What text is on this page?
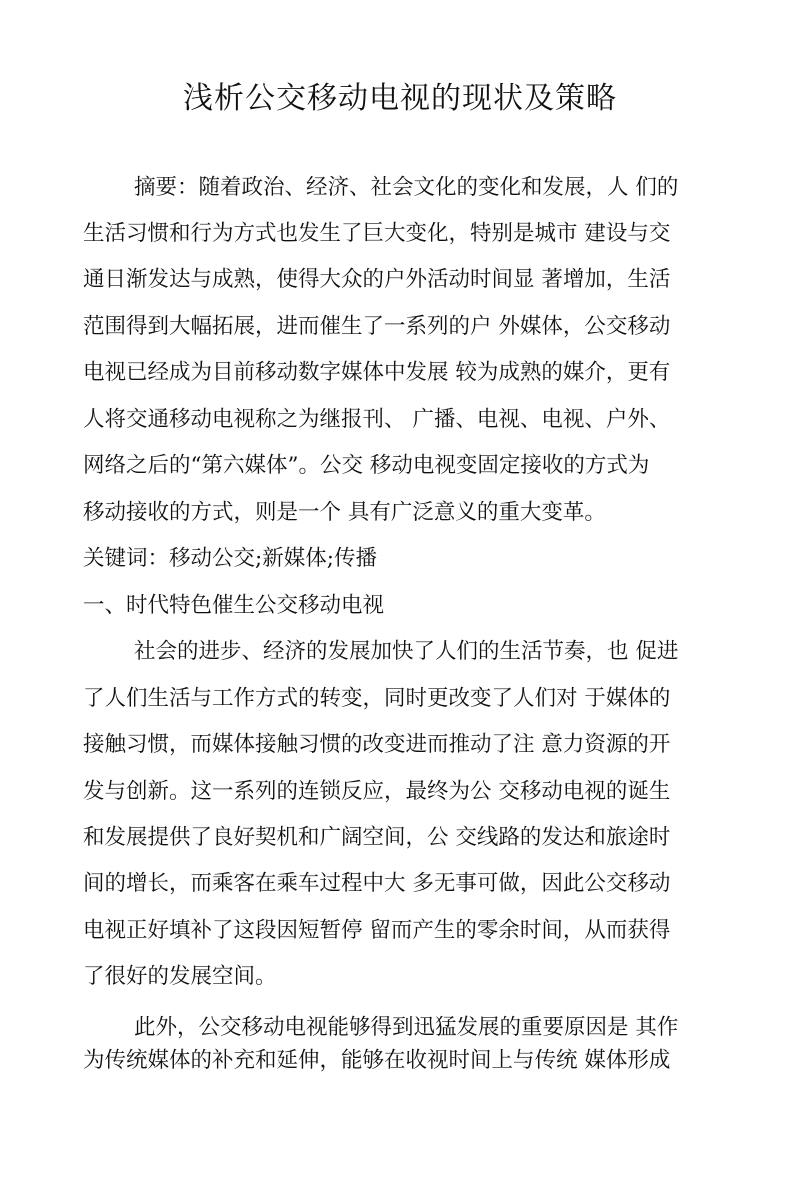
浅析公交移动电视的现状及策略
摘要：随着政治、经济、社会文化的变化和发展，人 们的
生活习惯和行为方式也发生了巨大变化，特别是城市 建设与交
通日渐发达与成熟，使得大众的户外活动时间显 著增加，生活
范围得到大幅拓展，进而催生了一系列的户 外媒体，公交移动
电视已经成为目前移动数字媒体中发展 较为成熟的媒介，更有
人将交通移动电视称之为继报刊、 广播、电视、电视、户外、
网络之后的“第六媒体”。公交 移动电视变固定接收的方式为
移动接收的方式，则是一个 具有广泛意义的重大变革。
关键词：移动公交;新媒体;传播
一、时代特色催生公交移动电视
社会的进步、经济的发展加快了人们的生活节奏，也 促进
了人们生活与工作方式的转变，同时更改变了人们对 于媒体的
接触习惯，而媒体接触习惯的改变进而推动了注 意力资源的开
发与创新。这一系列的连锁反应，最终为公 交移动电视的诞生
和发展提供了良好契机和广阔空间，公 交线路的发达和旅途时
间的增长，而乘客在乘车过程中大 多无事可做，因此公交移动
电视正好填补了这段因短暂停 留而产生的零余时间，从而获得
了很好的发展空间。
此外，公交移动电视能够得到迅猛发展的重要原因是 其作
为传统媒体的补充和延伸，能够在收视时间上与传统 媒体形成
